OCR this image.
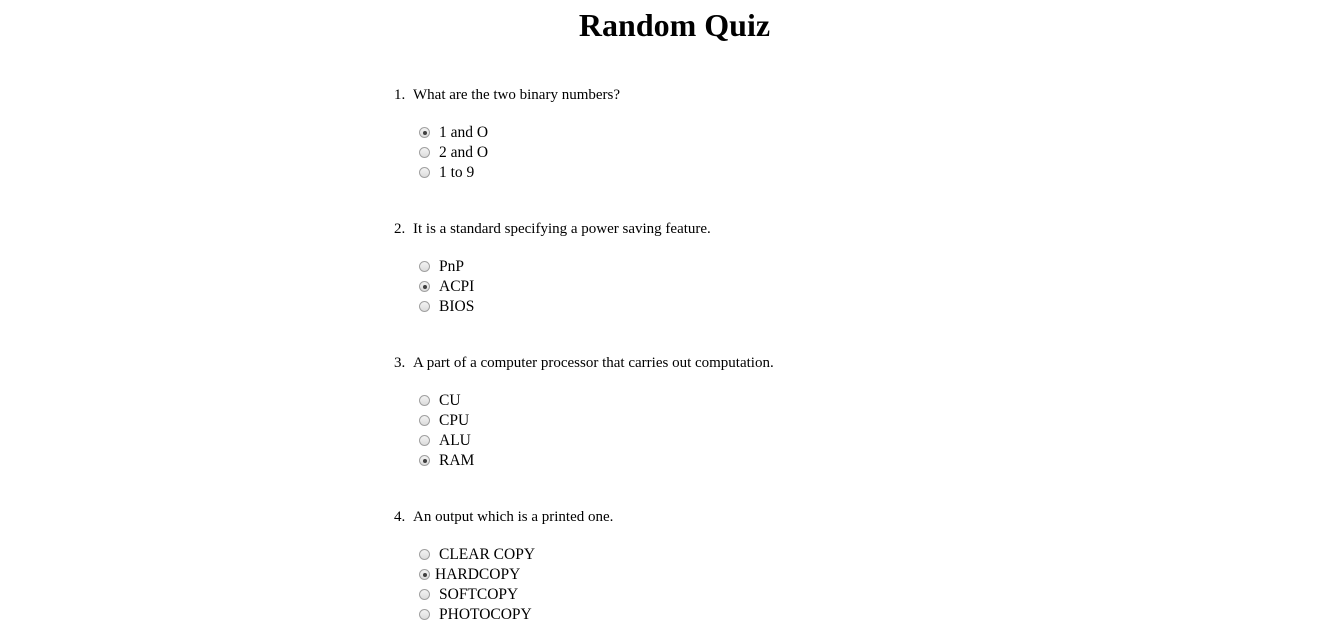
Random Quiz
1. What are the two binary numbers?
1 and O
2 and O
1 to 9
2. It is a standard specifying a power saving feature.
PnP
ACPI
BIOS
3. A part of a computer processor that carries out computation.
CU
CPU
ALU
RAM
4. An output which is a printed one.
CLEAR COPY
HARDCOPY
SOFTCOPY
PHOTOCOPY
